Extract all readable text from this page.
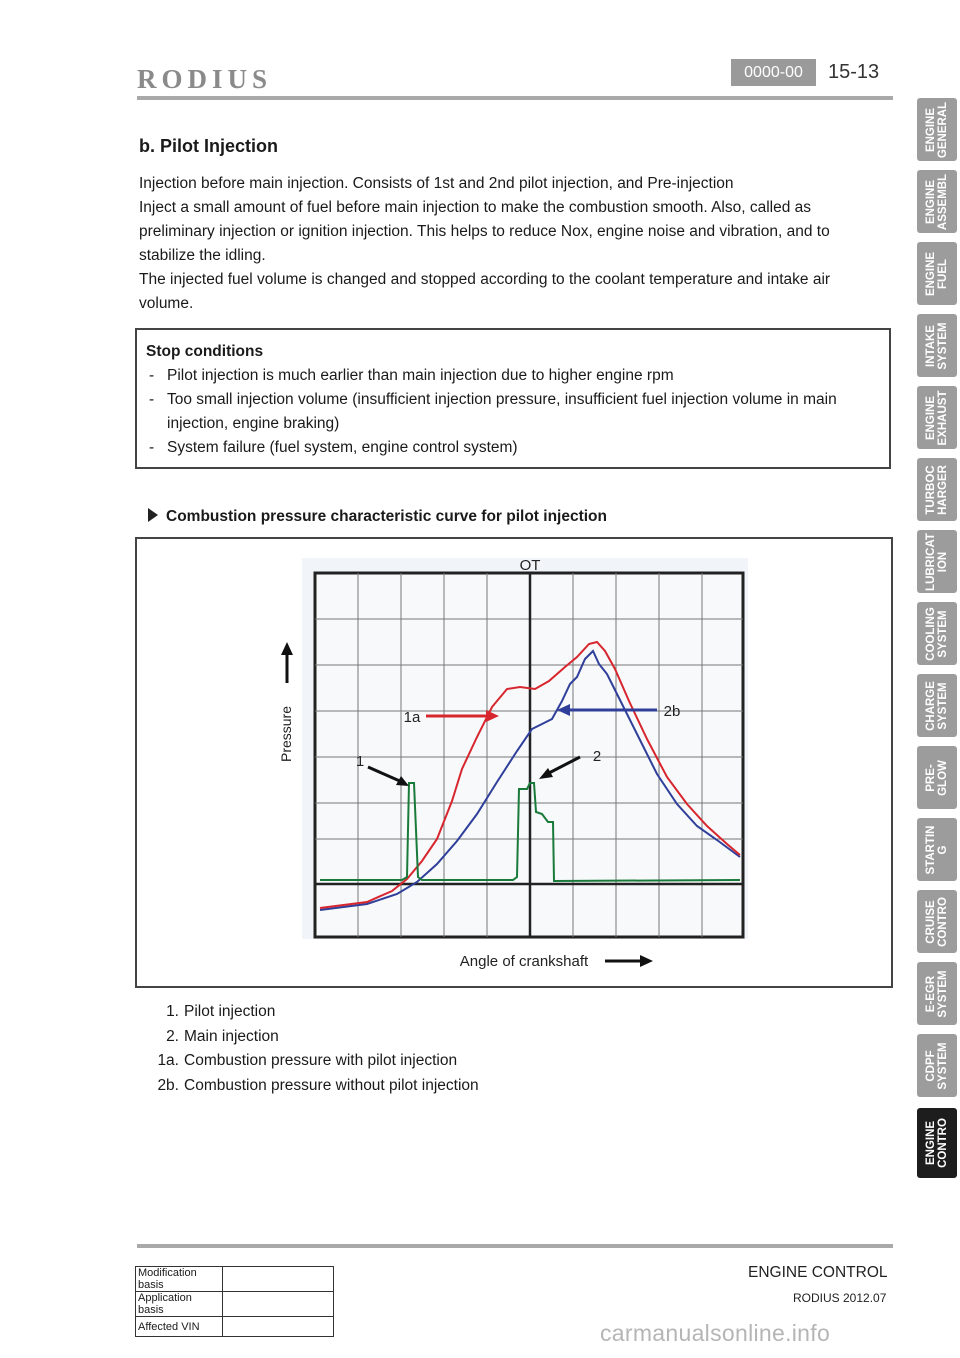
RODIUS	0000-00	15-13
b. Pilot Injection

Injection before main injection. Consists of 1st and 2nd pilot injection, and Pre-injection

Inject a small amount of fuel before main injection to make the combustion smooth. Also, called as

preliminary injection or ignition injection. This helps to reduce Nox, engine noise and vibration, and to

stabilize the idling.

The injected fuel volume is changed and stopped according to the coolant temperature and intake air

volume.

Stop conditions
- Pilot injection is much earlier than main injection due to higher engine rpm
- Too small injection volume (insufficient injection pressure, insufficient fuel injection volume in main
injection, engine braking)
- System failure (fuel system, engine control system)
Combustion pressure characteristic curve for pilot injection
OT
Pressure
Angle of crankshaft
1
1a
2
2b
1. Pilot injection
2. Main injection
1a. Combustion pressure with pilot injection
2b. Combustion pressure without pilot injection
ENGINE
GENERAL
ENGINE
ASSEMBL
ENGINE
FUEL
INTAKE
SYSTEM
ENGINE
EXHAUST
TURBOC
HARGER
LUBRICAT
ION
COOLING
SYSTEM
CHARGE
SYSTEM
PRE-
GLOW
STARTIN
G
CRUISE
CONTRO
E-EGR
SYSTEM
CDPF
SYSTEM
ENGINE
CONTRO
Modification basis	
Application basis	
Affected VIN	
ENGINE CONTROL
RODIUS 2012.07
carmanualsonline.info
